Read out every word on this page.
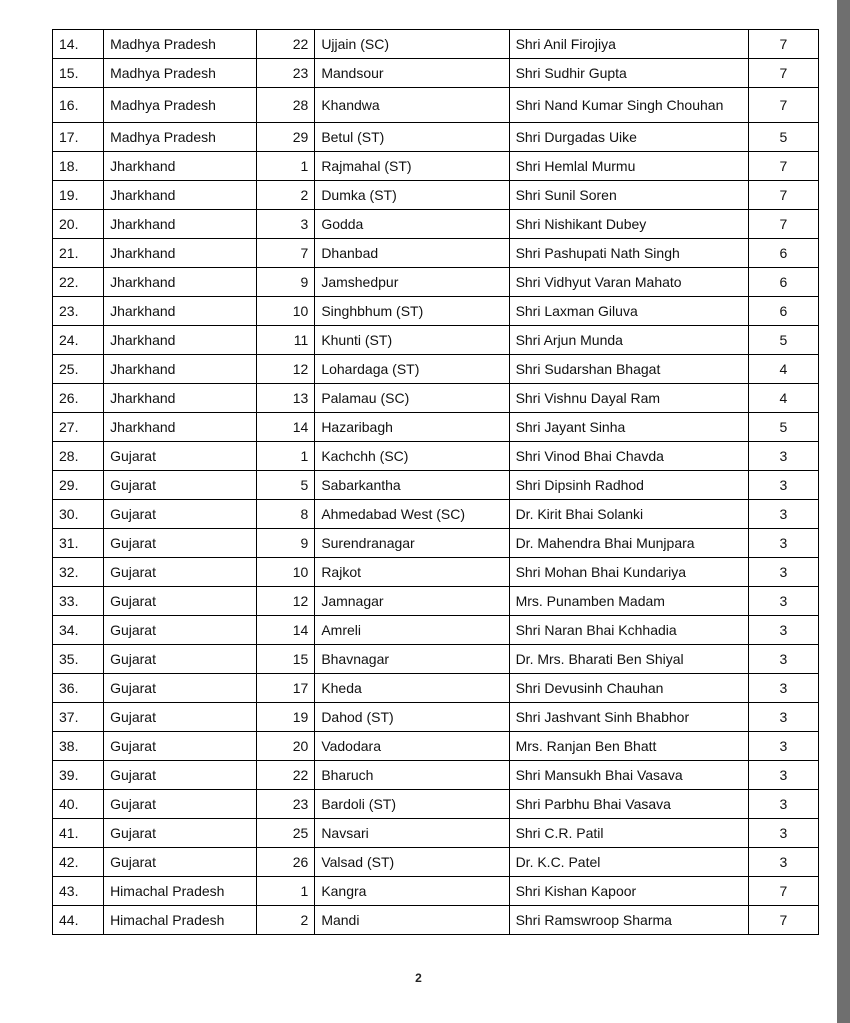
14.	Madhya Pradesh	22	Ujjain (SC)	Shri Anil Firojiya	7
15.	Madhya Pradesh	23	Mandsour	Shri Sudhir Gupta	7
16.	Madhya Pradesh	28	Khandwa	Shri Nand Kumar Singh Chouhan	7
17.	Madhya Pradesh	29	Betul (ST)	Shri Durgadas Uike	5
18.	Jharkhand	1	Rajmahal (ST)	Shri Hemlal Murmu	7
19.	Jharkhand	2	Dumka (ST)	Shri Sunil Soren	7
20.	Jharkhand	3	Godda	Shri Nishikant Dubey	7
21.	Jharkhand	7	Dhanbad	Shri Pashupati Nath Singh	6
22.	Jharkhand	9	Jamshedpur	Shri Vidhyut Varan Mahato	6
23.	Jharkhand	10	Singhbhum (ST)	Shri Laxman Giluva	6
24.	Jharkhand	11	Khunti (ST)	Shri Arjun Munda	5
25.	Jharkhand	12	Lohardaga (ST)	Shri Sudarshan Bhagat	4
26.	Jharkhand	13	Palamau (SC)	Shri Vishnu Dayal Ram	4
27.	Jharkhand	14	Hazaribagh	Shri Jayant Sinha	5
28.	Gujarat	1	Kachchh (SC)	Shri Vinod Bhai Chavda	3
29.	Gujarat	5	Sabarkantha	Shri Dipsinh Radhod	3
30.	Gujarat	8	Ahmedabad West (SC)	Dr. Kirit Bhai Solanki	3
31.	Gujarat	9	Surendranagar	Dr. Mahendra Bhai Munjpara	3
32.	Gujarat	10	Rajkot	Shri Mohan Bhai Kundariya	3
33.	Gujarat	12	Jamnagar	Mrs. Punamben Madam	3
34.	Gujarat	14	Amreli	Shri Naran Bhai Kchhadia	3
35.	Gujarat	15	Bhavnagar	Dr. Mrs. Bharati Ben Shiyal	3
36.	Gujarat	17	Kheda	Shri Devusinh Chauhan	3
37.	Gujarat	19	Dahod (ST)	Shri Jashvant Sinh Bhabhor	3
38.	Gujarat	20	Vadodara	Mrs. Ranjan Ben Bhatt	3
39.	Gujarat	22	Bharuch	Shri Mansukh Bhai Vasava	3
40.	Gujarat	23	Bardoli (ST)	Shri Parbhu Bhai Vasava	3
41.	Gujarat	25	Navsari	Shri C.R. Patil	3
42.	Gujarat	26	Valsad (ST)	Dr. K.C. Patel	3
43.	Himachal Pradesh	1	Kangra	Shri Kishan Kapoor	7
44.	Himachal Pradesh	2	Mandi	Shri Ramswroop Sharma	7
2
